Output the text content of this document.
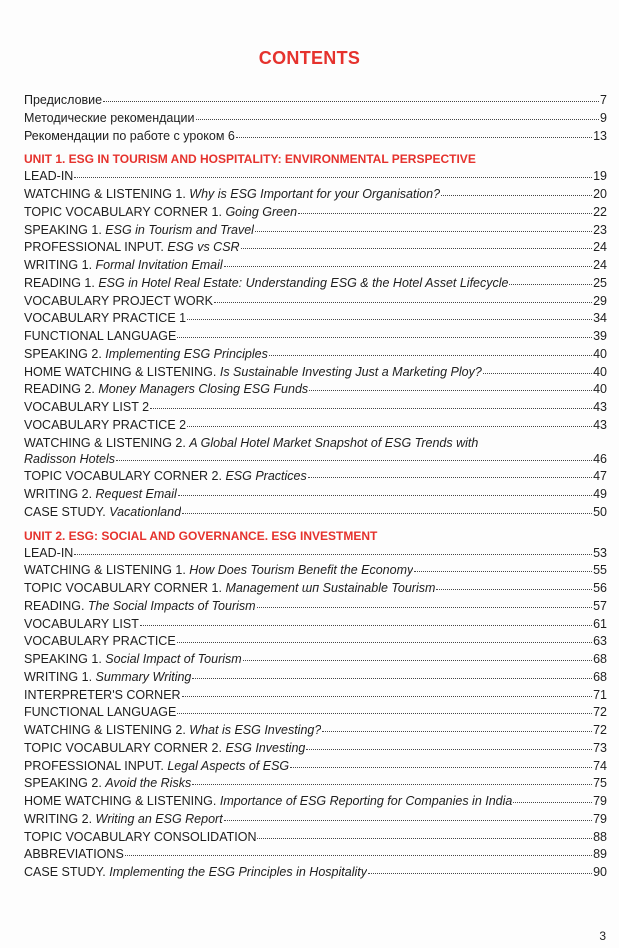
CONTENTS
Предисловие	7
Методические рекомендации	9
Рекомендации по работе с уроком 6	13
UNIT 1. ESG IN TOURISM AND HOSPITALITY: ENVIRONMENTAL PERSPECTIVE
LEAD-IN	19
WATCHING & LISTENING 1. Why is ESG Important for your Organisation?	20
TOPIC VOCABULARY CORNER 1. Going Green	22
SPEAKING 1. ESG in Tourism and Travel	23
PROFESSIONAL INPUT. ESG vs CSR	24
WRITING 1. Formal Invitation Email	24
READING 1. ESG in Hotel Real Estate: Understanding ESG & the Hotel Asset Lifecycle	25
VOCABULARY PROJECT WORK	29
VOCABULARY PRACTICE 1	34
FUNCTIONAL LANGUAGE	39
SPEAKING 2. Implementing ESG Principles	40
HOME WATCHING & LISTENING. Is Sustainable Investing Just a Marketing Ploy?	40
READING 2. Money Managers Closing ESG Funds	40
VOCABULARY LIST 2	43
VOCABULARY PRACTICE 2	43
WATCHING & LISTENING 2. A Global Hotel Market Snapshot of ESG Trends with
Radisson Hotels	46
TOPIC VOCABULARY CORNER 2. ESG Practices	47
WRITING 2. Request Email	49
CASE STUDY. Vacationland	50
UNIT 2. ESG: SOCIAL AND GOVERNANCE. ESG INVESTMENT
LEAD-IN	53
WATCHING & LISTENING 1. How Does Tourism Benefit the Economy	55
TOPIC VOCABULARY CORNER 1. Management шп Sustainable Tourism	56
READING. The Social Impacts of Tourism	57
VOCABULARY LIST	61
VOCABULARY PRACTICE	63
SPEAKING 1. Social Impact of Tourism	68
WRITING 1. Summary Writing	68
INTERPRETER'S CORNER	71
FUNCTIONAL LANGUAGE	72
WATCHING & LISTENING 2. What is ESG Investing?	72
TOPIC VOCABULARY CORNER 2. ESG Investing	73
PROFESSIONAL INPUT. Legal Aspects of ESG	74
SPEAKING 2. Avoid the Risks	75
HOME WATCHING & LISTENING. Importance of ESG Reporting for Companies in India	79
WRITING 2. Writing an ESG Report	79
TOPIC VOCABULARY CONSOLIDATION	88
ABBREVIATIONS	89
CASE STUDY. Implementing the ESG Principles in Hospitality	90
3
